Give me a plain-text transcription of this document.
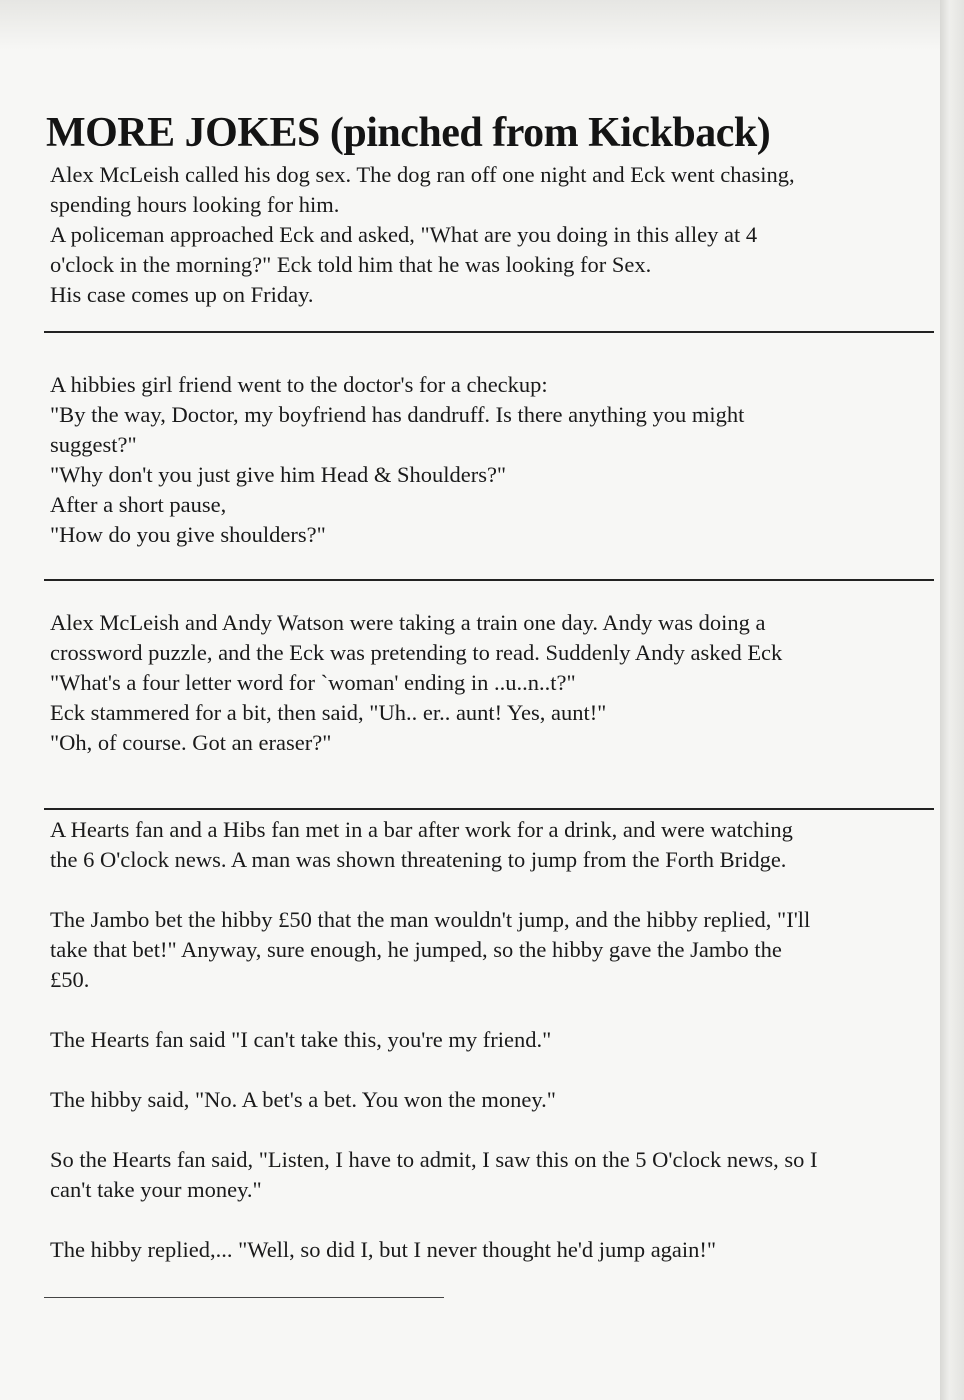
MORE JOKES (pinched from Kickback)

Alex McLeish called his dog sex. The dog ran off one night and Eck went chasing,

spending hours looking for him.

A policeman approached Eck and asked, "What are you doing in this alley at 4

o'clock in the morning?" Eck told him that he was looking for Sex.

His case comes up on Friday.

A hibbies girl friend went to the doctor's for a checkup:

"By the way, Doctor, my boyfriend has dandruff. Is there anything you might

suggest?"

"Why don't you just give him Head & Shoulders?"

After a short pause,

"How do you give shoulders?"

Alex McLeish and Andy Watson were taking a train one day. Andy was doing a

crossword puzzle, and the Eck was pretending to read. Suddenly Andy asked Eck

"What's a four letter word for `woman' ending in ..u..n..t?"

Eck stammered for a bit, then said, "Uh.. er.. aunt! Yes, aunt!"

"Oh, of course. Got an eraser?"

A Hearts fan and a Hibs fan met in a bar after work for a drink, and were watching

the 6 O'clock news. A man was shown threatening to jump from the Forth Bridge.

The Jambo bet the hibby £50 that the man wouldn't jump, and the hibby replied, "I'll

take that bet!" Anyway, sure enough, he jumped, so the hibby gave the Jambo the

£50.

The Hearts fan said "I can't take this, you're my friend."

The hibby said, "No. A bet's a bet. You won the money."

So the Hearts fan said, "Listen, I have to admit, I saw this on the 5 O'clock news, so I

can't take your money."

The hibby replied,... "Well, so did I, but I never thought he'd jump again!"
